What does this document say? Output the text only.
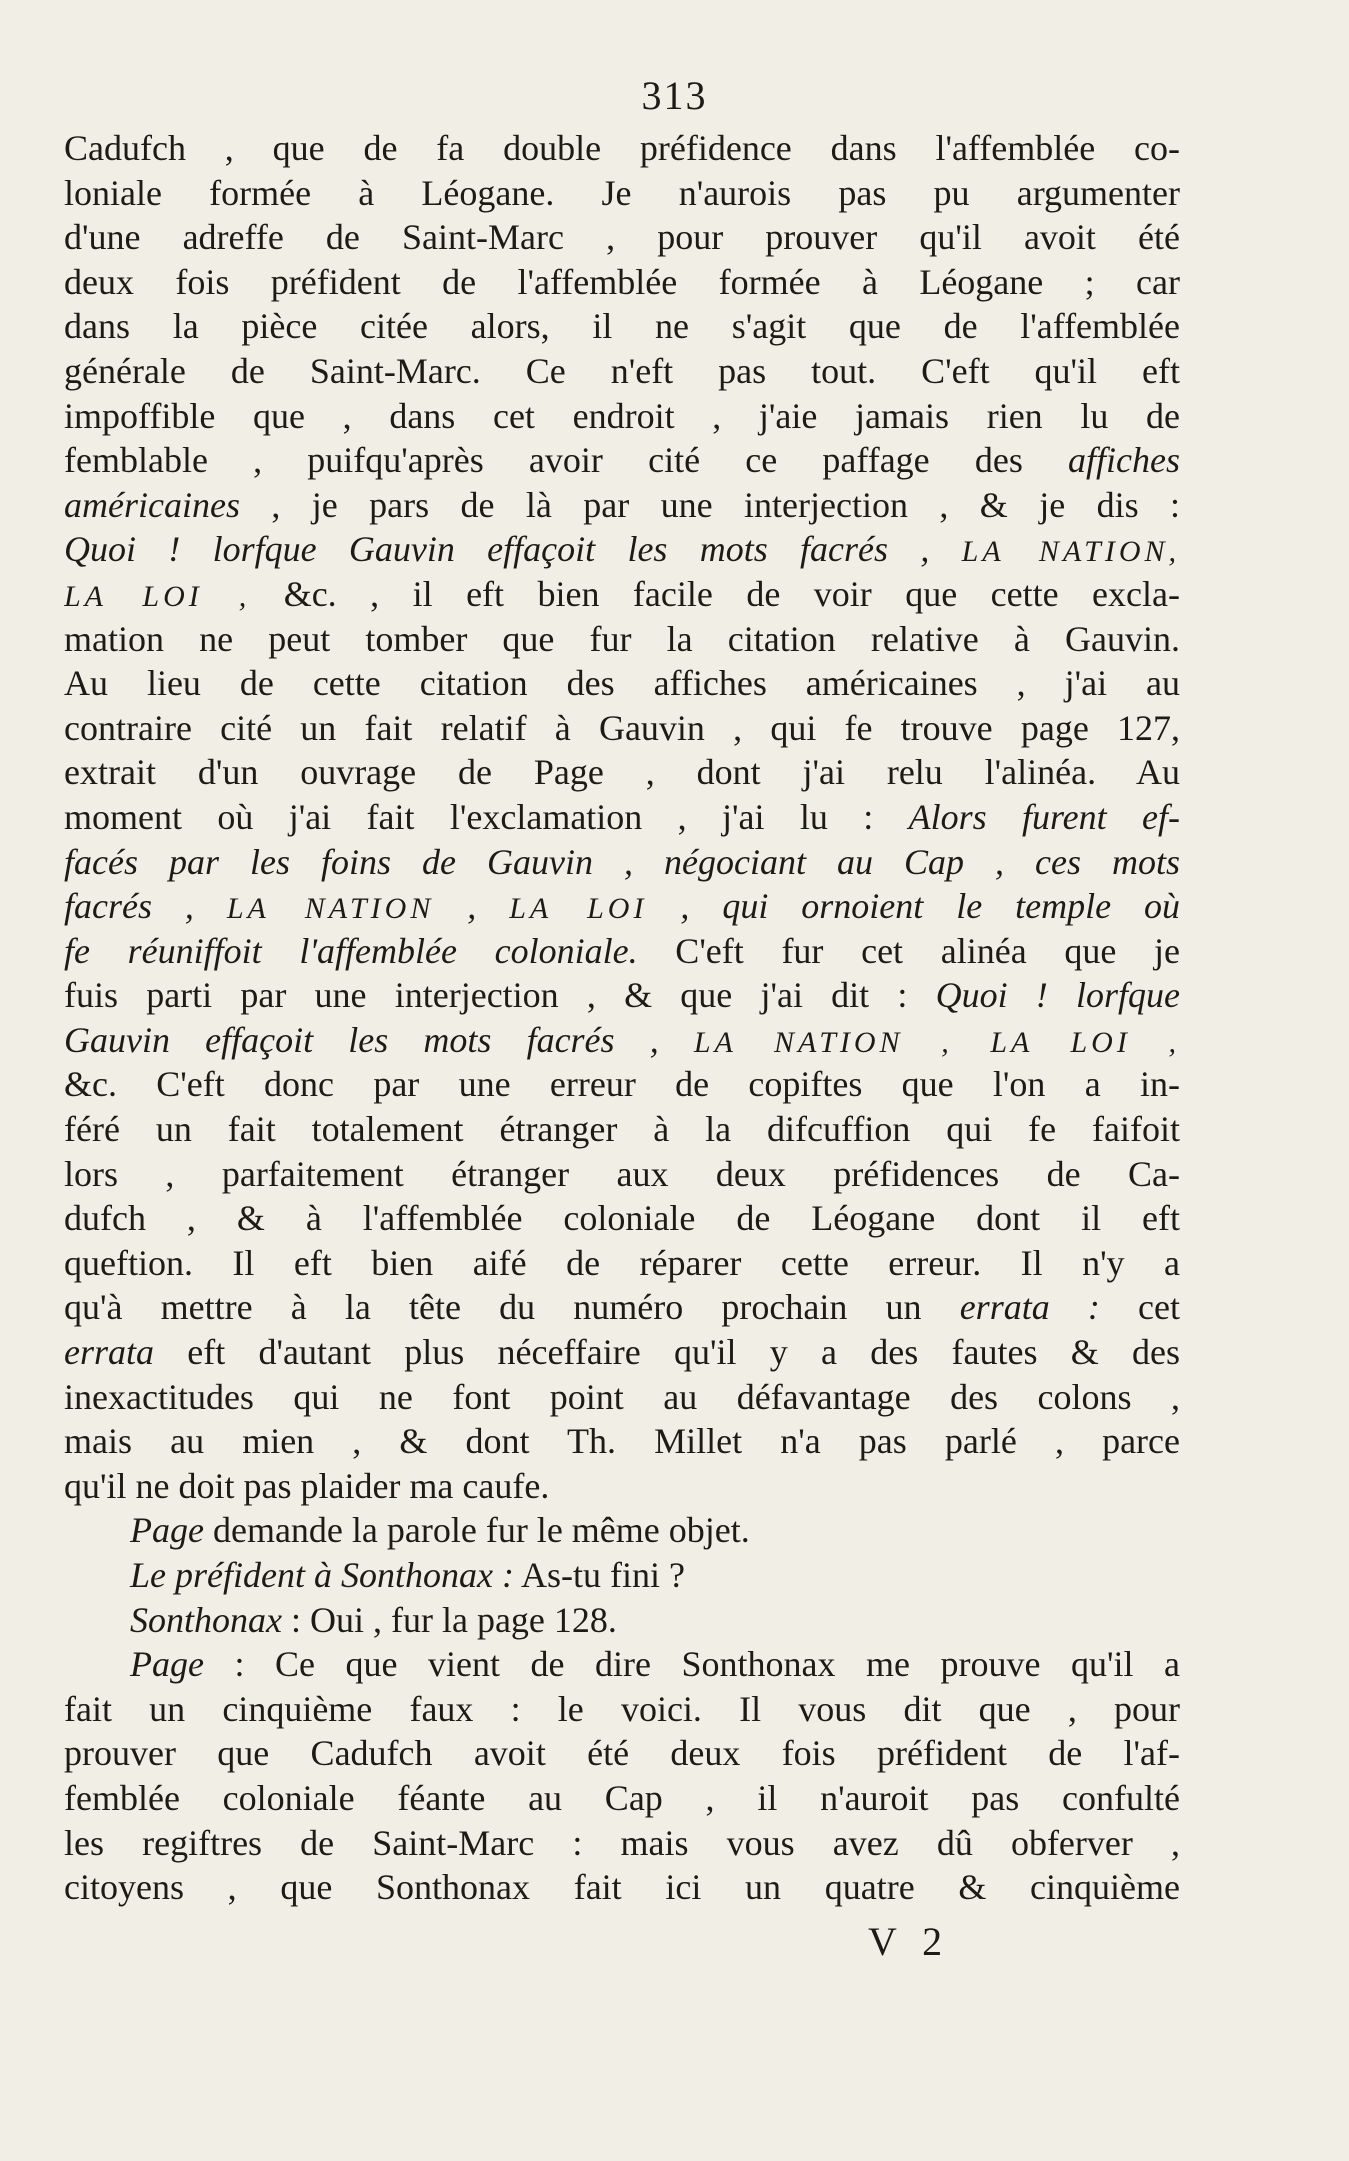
313
Cadufch , que de fa double préfidence dans l'affemblée co-
loniale formée à Léogane. Je n'aurois pas pu argumenter
d'une adreffe de Saint-Marc , pour prouver qu'il avoit été
deux fois préfident de l'affemblée formée à Léogane ; car
dans la pièce citée alors, il ne s'agit que de l'affemblée
générale de Saint-Marc. Ce n'eft pas tout. C'eft qu'il eft
impoffible que , dans cet endroit , j'aie jamais rien lu de
femblable , puifqu'après avoir cité ce paffage des affiches
américaines , je pars de là par une interjection , & je dis :
Quoi ! lorfque Gauvin effaçoit les mots facrés , LA NATION,
LA LOI , &c. , il eft bien facile de voir que cette excla-
mation ne peut tomber que fur la citation relative à Gauvin.
Au lieu de cette citation des affiches américaines , j'ai au
contraire cité un fait relatif à Gauvin , qui fe trouve page 127,
extrait d'un ouvrage de Page , dont j'ai relu l'alinéa. Au
moment où j'ai fait l'exclamation , j'ai lu : Alors furent ef-
facés par les foins de Gauvin , négociant au Cap , ces mots
facrés , LA NATION , LA LOI , qui ornoient le temple où
fe réuniffoit l'affemblée coloniale. C'eft fur cet alinéa que je
fuis parti par une interjection , & que j'ai dit : Quoi ! lorfque
Gauvin effaçoit les mots facrés , LA NATION , LA LOI ,
&c. C'eft donc par une erreur de copiftes que l'on a in-
féré un fait totalement étranger à la difcuffion qui fe faifoit
lors , parfaitement étranger aux deux préfidences de Ca-
dufch , & à l'affemblée coloniale de Léogane dont il eft
queftion. Il eft bien aifé de réparer cette erreur. Il n'y a
qu'à mettre à la tête du numéro prochain un errata : cet
errata eft d'autant plus néceffaire qu'il y a des fautes & des
inexactitudes qui ne font point au défavantage des colons ,
mais au mien , & dont Th. Millet n'a pas parlé , parce
qu'il ne doit pas plaider ma caufe.
Page demande la parole fur le même objet.
Le préfident à Sonthonax : As-tu fini ?
Sonthonax : Oui , fur la page 128.
Page : Ce que vient de dire Sonthonax me prouve qu'il a
fait un cinquième faux : le voici. Il vous dit que , pour
prouver que Cadufch avoit été deux fois préfident de l'af-
femblée coloniale féante au Cap , il n'auroit pas confulté
les regiftres de Saint-Marc : mais vous avez dû obferver ,
citoyens , que Sonthonax fait ici un quatre & cinquième
V 2
